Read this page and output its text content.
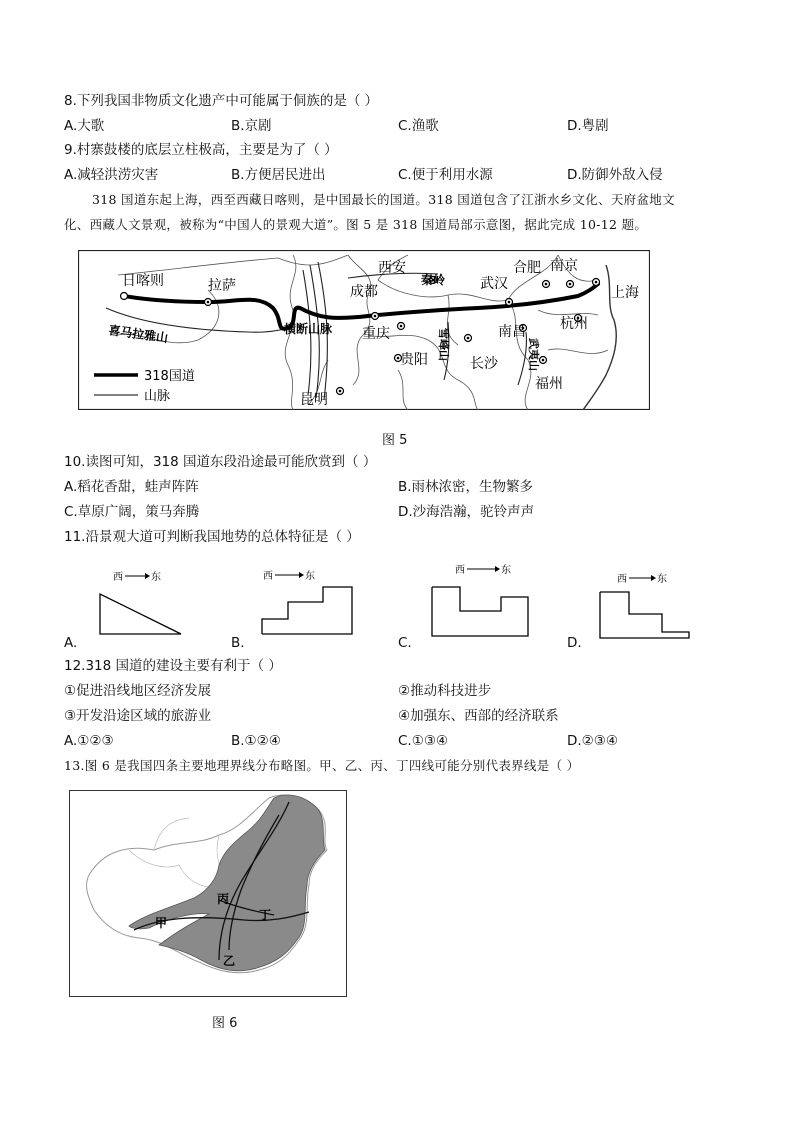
8.下列我国非物质文化遗产中可能属于侗族的是（ ）
A.大歌	B.京剧	C.渔歌	D.粤剧
9.村寨鼓楼的底层立柱极高，主要是为了（ ）
A.减轻洪涝灾害	B.方便居民进出	C.便于利用水源	D.防御外敌入侵
318 国道东起上海，西至西藏日喀则，是中国最长的国道。318 国道包含了江浙水乡文化、天府盆地文
化、西藏人文景观，被称为“中国人的景观大道”。图 5 是 318 国道局部示意图，据此完成 10-12 题。
日喀则	拉萨
西安
成都
重庆
昆明
贵阳
武汉
合肥 南京
上海
杭州
南昌
长沙
福州
秦岭
喜马拉雅山	横断山脉	雪峰山	武夷山
318国道
山脉
图 5
10.读图可知，318 国道东段沿途最可能欣赏到（ ）
A.稻花香甜，蛙声阵阵	B.雨林浓密，生物繁多
C.草原广阔，策马奔腾	D.沙海浩瀚，驼铃声声
11.沿景观大道可判断我国地势的总体特征是（ ）
西	东	西	东
西	东
西	东
A.	B.	C.	D.
12.318 国道的建设主要有利于（ ）
①促进沿线地区经济发展	②推动科技进步
③开发沿途区域的旅游业	④加强东、西部的经济联系
A.①②③	B.①②④	C.①③④	D.②③④
13.图 6 是我国四条主要地理界线分布略图。甲、乙、丙、丁四线可能分别代表界线是（ ）
甲
乙
丙
丁
图 6
